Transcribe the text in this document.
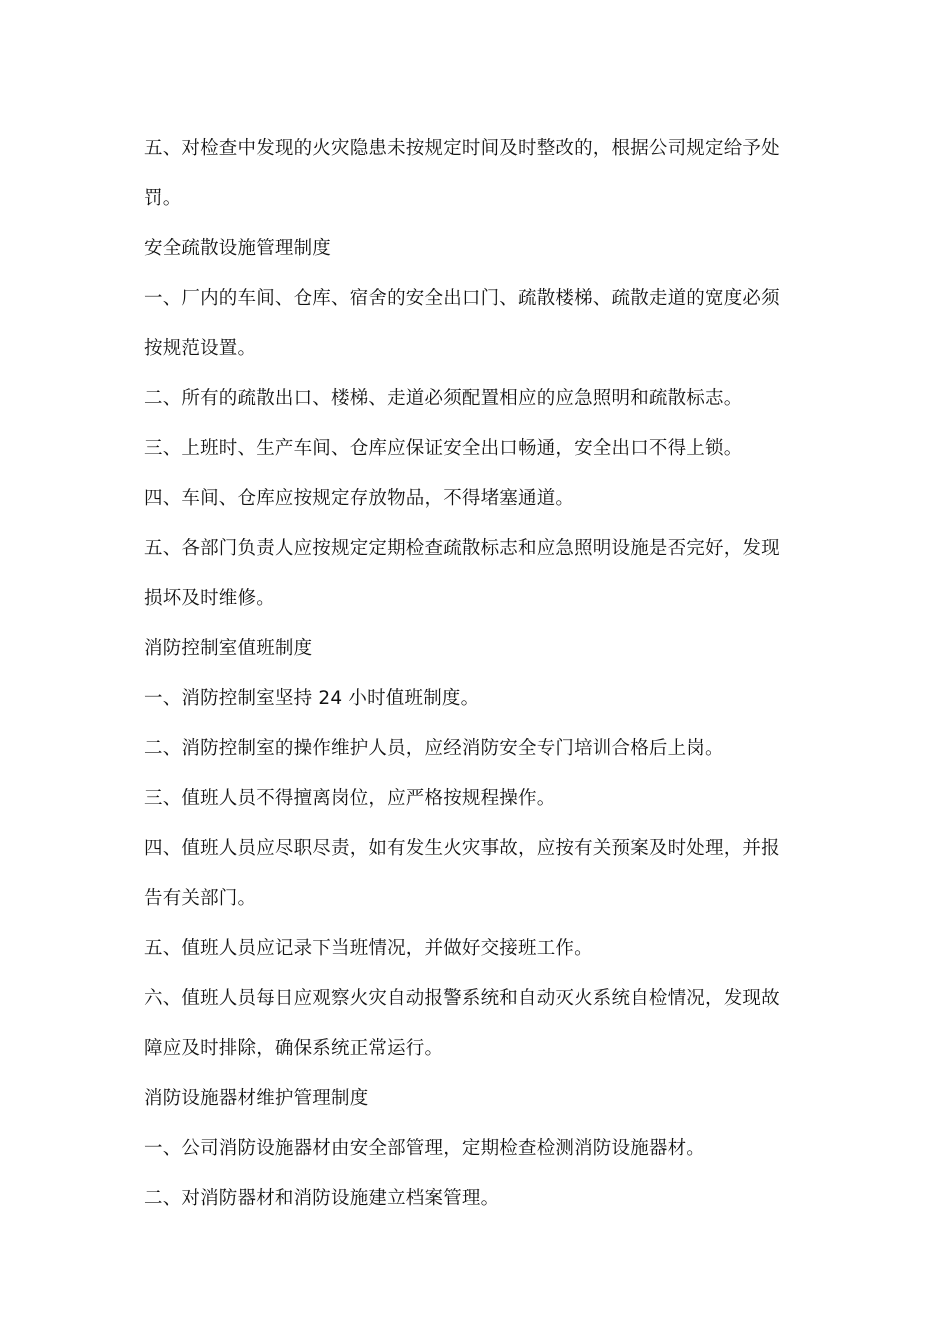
五、对检查中发现的火灾隐患未按规定时间及时整改的，根据公司规定给予处
罚。
安全疏散设施管理制度
一、厂内的车间、仓库、宿舍的安全出口门、疏散楼梯、疏散走道的宽度必须
按规范设置。
二、所有的疏散出口、楼梯、走道必须配置相应的应急照明和疏散标志。
三、上班时、生产车间、仓库应保证安全出口畅通，安全出口不得上锁。
四、车间、仓库应按规定存放物品，不得堵塞通道。
五、各部门负责人应按规定定期检查疏散标志和应急照明设施是否完好，发现
损坏及时维修。
消防控制室值班制度
一、消防控制室坚持 24 小时值班制度。
二、消防控制室的操作维护人员，应经消防安全专门培训合格后上岗。
三、值班人员不得擅离岗位，应严格按规程操作。
四、值班人员应尽职尽责，如有发生火灾事故，应按有关预案及时处理，并报
告有关部门。
五、值班人员应记录下当班情况，并做好交接班工作。
六、值班人员每日应观察火灾自动报警系统和自动灭火系统自检情况，发现故
障应及时排除，确保系统正常运行。
消防设施器材维护管理制度
一、公司消防设施器材由安全部管理，定期检查检测消防设施器材。
二、对消防器材和消防设施建立档案管理。
